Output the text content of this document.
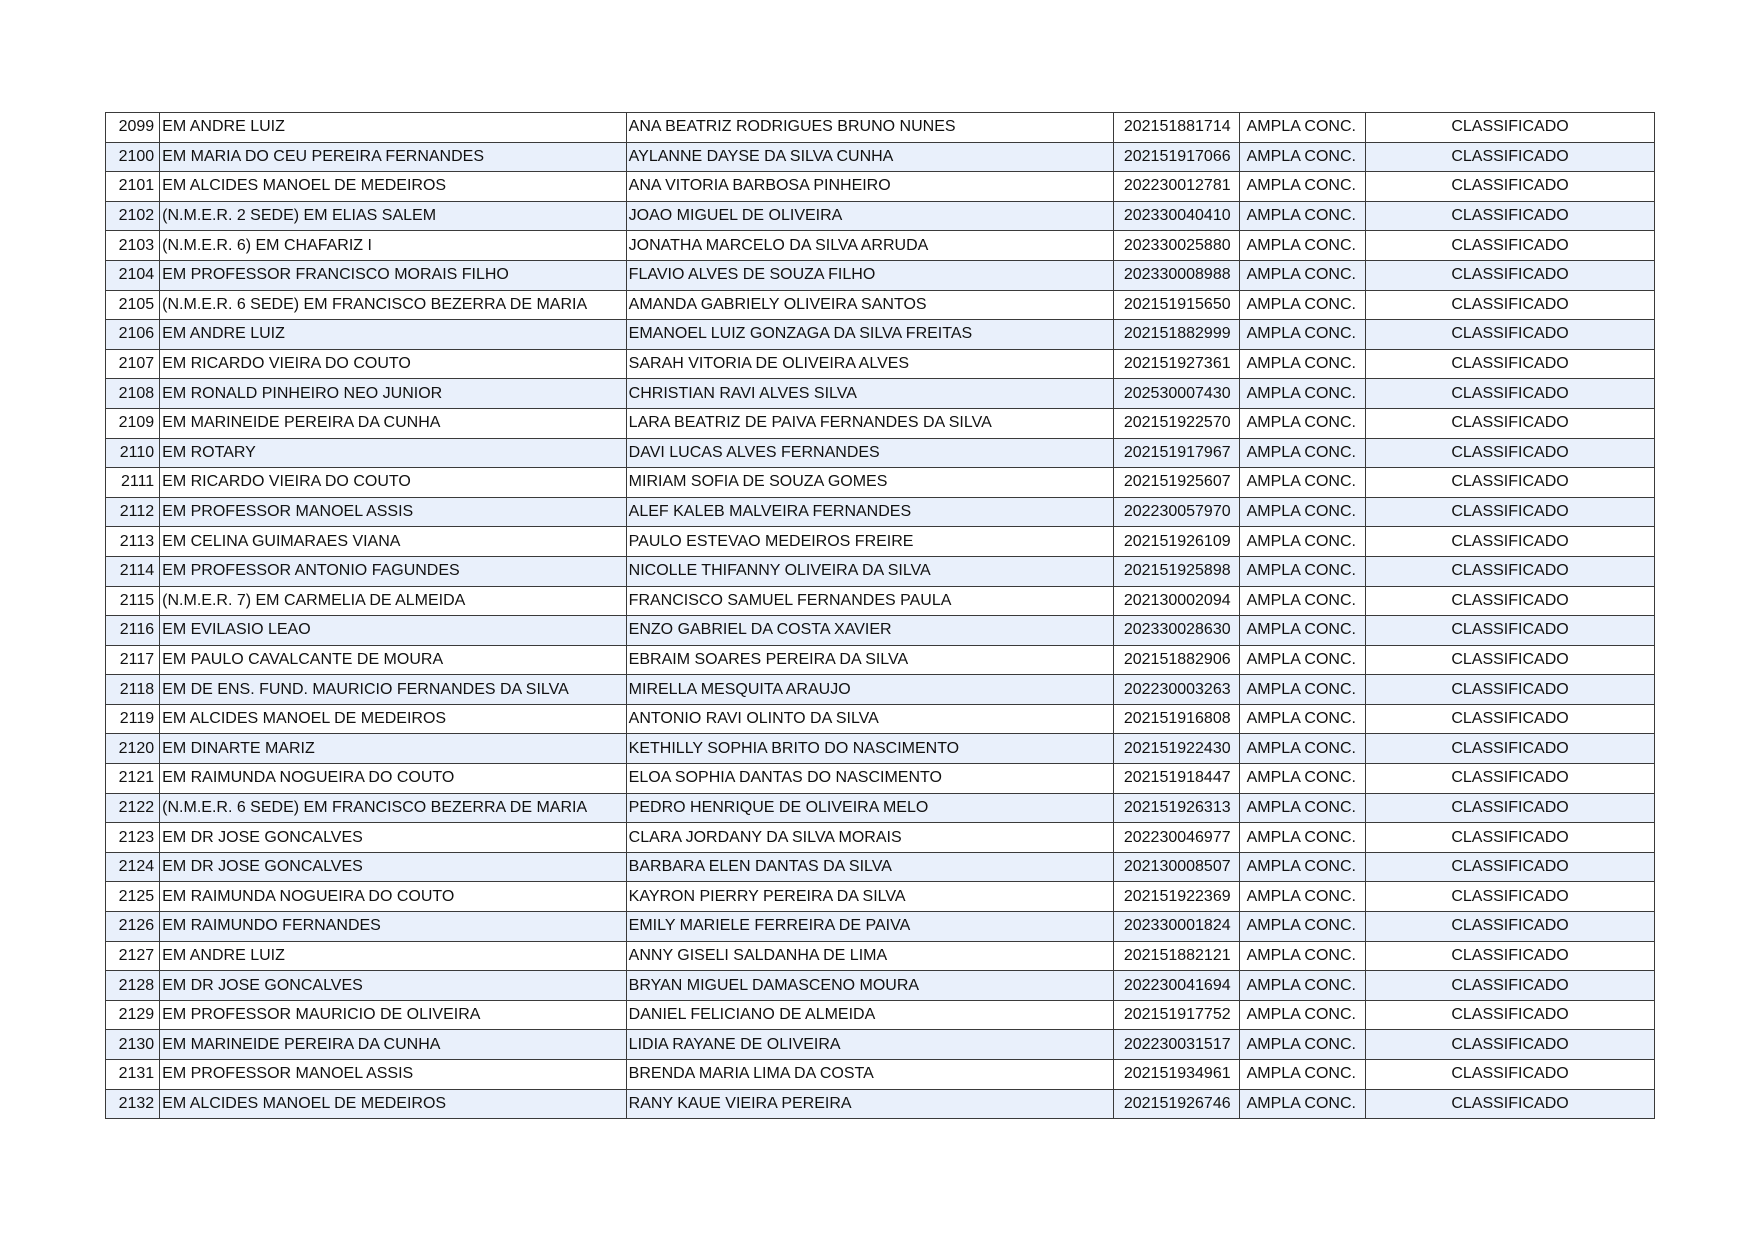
2099	EM ANDRE LUIZ	ANA BEATRIZ RODRIGUES BRUNO NUNES	202151881714	AMPLA CONC.	CLASSIFICADO
2100	EM MARIA DO CEU PEREIRA FERNANDES	AYLANNE DAYSE DA SILVA CUNHA	202151917066	AMPLA CONC.	CLASSIFICADO
2101	EM ALCIDES MANOEL DE MEDEIROS	ANA VITORIA BARBOSA PINHEIRO	202230012781	AMPLA CONC.	CLASSIFICADO
2102	(N.M.E.R. 2 SEDE) EM ELIAS SALEM	JOAO MIGUEL DE OLIVEIRA	202330040410	AMPLA CONC.	CLASSIFICADO
2103	(N.M.E.R. 6) EM CHAFARIZ I	JONATHA MARCELO DA SILVA ARRUDA	202330025880	AMPLA CONC.	CLASSIFICADO
2104	EM PROFESSOR FRANCISCO MORAIS FILHO	FLAVIO ALVES DE SOUZA FILHO	202330008988	AMPLA CONC.	CLASSIFICADO
2105	(N.M.E.R. 6 SEDE) EM FRANCISCO BEZERRA DE MARIA	AMANDA GABRIELY OLIVEIRA SANTOS	202151915650	AMPLA CONC.	CLASSIFICADO
2106	EM ANDRE LUIZ	EMANOEL LUIZ GONZAGA DA SILVA FREITAS	202151882999	AMPLA CONC.	CLASSIFICADO
2107	EM RICARDO VIEIRA DO COUTO	SARAH VITORIA DE OLIVEIRA ALVES	202151927361	AMPLA CONC.	CLASSIFICADO
2108	EM RONALD PINHEIRO NEO JUNIOR	CHRISTIAN RAVI ALVES SILVA	202530007430	AMPLA CONC.	CLASSIFICADO
2109	EM MARINEIDE PEREIRA DA CUNHA	LARA BEATRIZ DE PAIVA FERNANDES DA SILVA	202151922570	AMPLA CONC.	CLASSIFICADO
2110	EM ROTARY	DAVI LUCAS ALVES FERNANDES	202151917967	AMPLA CONC.	CLASSIFICADO
2111	EM RICARDO VIEIRA DO COUTO	MIRIAM SOFIA DE SOUZA GOMES	202151925607	AMPLA CONC.	CLASSIFICADO
2112	EM PROFESSOR MANOEL ASSIS	ALEF KALEB MALVEIRA FERNANDES	202230057970	AMPLA CONC.	CLASSIFICADO
2113	EM CELINA GUIMARAES VIANA	PAULO ESTEVAO MEDEIROS FREIRE	202151926109	AMPLA CONC.	CLASSIFICADO
2114	EM PROFESSOR ANTONIO FAGUNDES	NICOLLE THIFANNY OLIVEIRA DA SILVA	202151925898	AMPLA CONC.	CLASSIFICADO
2115	(N.M.E.R. 7) EM CARMELIA DE ALMEIDA	FRANCISCO SAMUEL FERNANDES PAULA	202130002094	AMPLA CONC.	CLASSIFICADO
2116	EM EVILASIO LEAO	ENZO GABRIEL DA COSTA XAVIER	202330028630	AMPLA CONC.	CLASSIFICADO
2117	EM PAULO CAVALCANTE DE MOURA	EBRAIM SOARES PEREIRA DA SILVA	202151882906	AMPLA CONC.	CLASSIFICADO
2118	EM DE ENS. FUND. MAURICIO FERNANDES DA SILVA	MIRELLA MESQUITA ARAUJO	202230003263	AMPLA CONC.	CLASSIFICADO
2119	EM ALCIDES MANOEL DE MEDEIROS	ANTONIO RAVI OLINTO DA SILVA	202151916808	AMPLA CONC.	CLASSIFICADO
2120	EM DINARTE MARIZ	KETHILLY SOPHIA BRITO DO NASCIMENTO	202151922430	AMPLA CONC.	CLASSIFICADO
2121	EM RAIMUNDA NOGUEIRA DO COUTO	ELOA SOPHIA DANTAS DO NASCIMENTO	202151918447	AMPLA CONC.	CLASSIFICADO
2122	(N.M.E.R. 6 SEDE) EM FRANCISCO BEZERRA DE MARIA	PEDRO HENRIQUE DE OLIVEIRA MELO	202151926313	AMPLA CONC.	CLASSIFICADO
2123	EM DR JOSE GONCALVES	CLARA JORDANY DA SILVA MORAIS	202230046977	AMPLA CONC.	CLASSIFICADO
2124	EM DR JOSE GONCALVES	BARBARA ELEN DANTAS DA SILVA	202130008507	AMPLA CONC.	CLASSIFICADO
2125	EM RAIMUNDA NOGUEIRA DO COUTO	KAYRON PIERRY PEREIRA DA SILVA	202151922369	AMPLA CONC.	CLASSIFICADO
2126	EM RAIMUNDO FERNANDES	EMILY MARIELE FERREIRA DE PAIVA	202330001824	AMPLA CONC.	CLASSIFICADO
2127	EM ANDRE LUIZ	ANNY GISELI SALDANHA DE LIMA	202151882121	AMPLA CONC.	CLASSIFICADO
2128	EM DR JOSE GONCALVES	BRYAN MIGUEL DAMASCENO MOURA	202230041694	AMPLA CONC.	CLASSIFICADO
2129	EM PROFESSOR MAURICIO DE OLIVEIRA	DANIEL FELICIANO DE ALMEIDA	202151917752	AMPLA CONC.	CLASSIFICADO
2130	EM MARINEIDE PEREIRA DA CUNHA	LIDIA RAYANE DE OLIVEIRA	202230031517	AMPLA CONC.	CLASSIFICADO
2131	EM PROFESSOR MANOEL ASSIS	BRENDA MARIA LIMA DA COSTA	202151934961	AMPLA CONC.	CLASSIFICADO
2132	EM ALCIDES MANOEL DE MEDEIROS	RANY KAUE VIEIRA PEREIRA	202151926746	AMPLA CONC.	CLASSIFICADO
